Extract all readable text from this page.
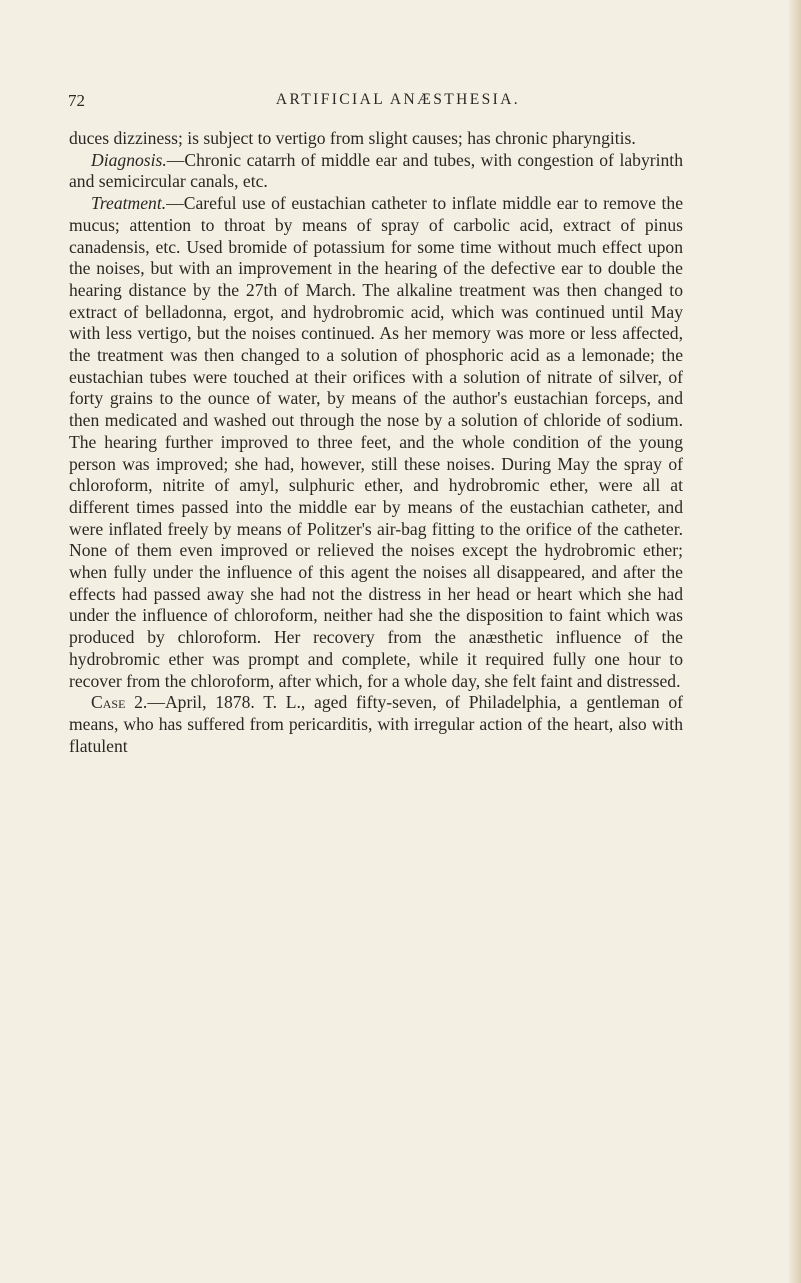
72	ARTIFICIAL ANÆSTHESIA.

duces dizziness; is subject to vertigo from slight causes; has chronic pharyngitis.

Diagnosis.—Chronic catarrh of middle ear and tubes, with congestion of labyrinth and semicircular canals, etc.

Treatment.—Careful use of eustachian catheter to inflate middle ear to remove the mucus; attention to throat by means of spray of carbolic acid, extract of pinus canadensis, etc. Used bromide of potassium for some time without much effect upon the noises, but with an improvement in the hearing of the defective ear to double the hearing distance by the 27th of March. The alkaline treatment was then changed to extract of belladonna, ergot, and hydrobromic acid, which was continued until May with less vertigo, but the noises continued. As her memory was more or less affected, the treatment was then changed to a solution of phosphoric acid as a lemonade; the eustachian tubes were touched at their orifices with a solution of nitrate of silver, of forty grains to the ounce of water, by means of the author's eustachian forceps, and then medicated and washed out through the nose by a solution of chloride of sodium. The hearing further improved to three feet, and the whole condition of the young person was improved; she had, however, still these noises. During May the spray of chloroform, nitrite of amyl, sulphuric ether, and hydrobromic ether, were all at different times passed into the middle ear by means of the eustachian catheter, and were inflated freely by means of Politzer's air-bag fitting to the orifice of the catheter. None of them even improved or relieved the noises except the hydrobromic ether; when fully under the influence of this agent the noises all disappeared, and after the effects had passed away she had not the distress in her head or heart which she had under the influence of chloroform, neither had she the disposition to faint which was produced by chloroform. Her recovery from the anæsthetic influence of the hydrobromic ether was prompt and complete, while it required fully one hour to recover from the chloroform, after which, for a whole day, she felt faint and distressed.

Case 2.—April, 1878. T. L., aged fifty-seven, of Philadelphia, a gentleman of means, who has suffered from pericarditis, with irregular action of the heart, also with flatulent
